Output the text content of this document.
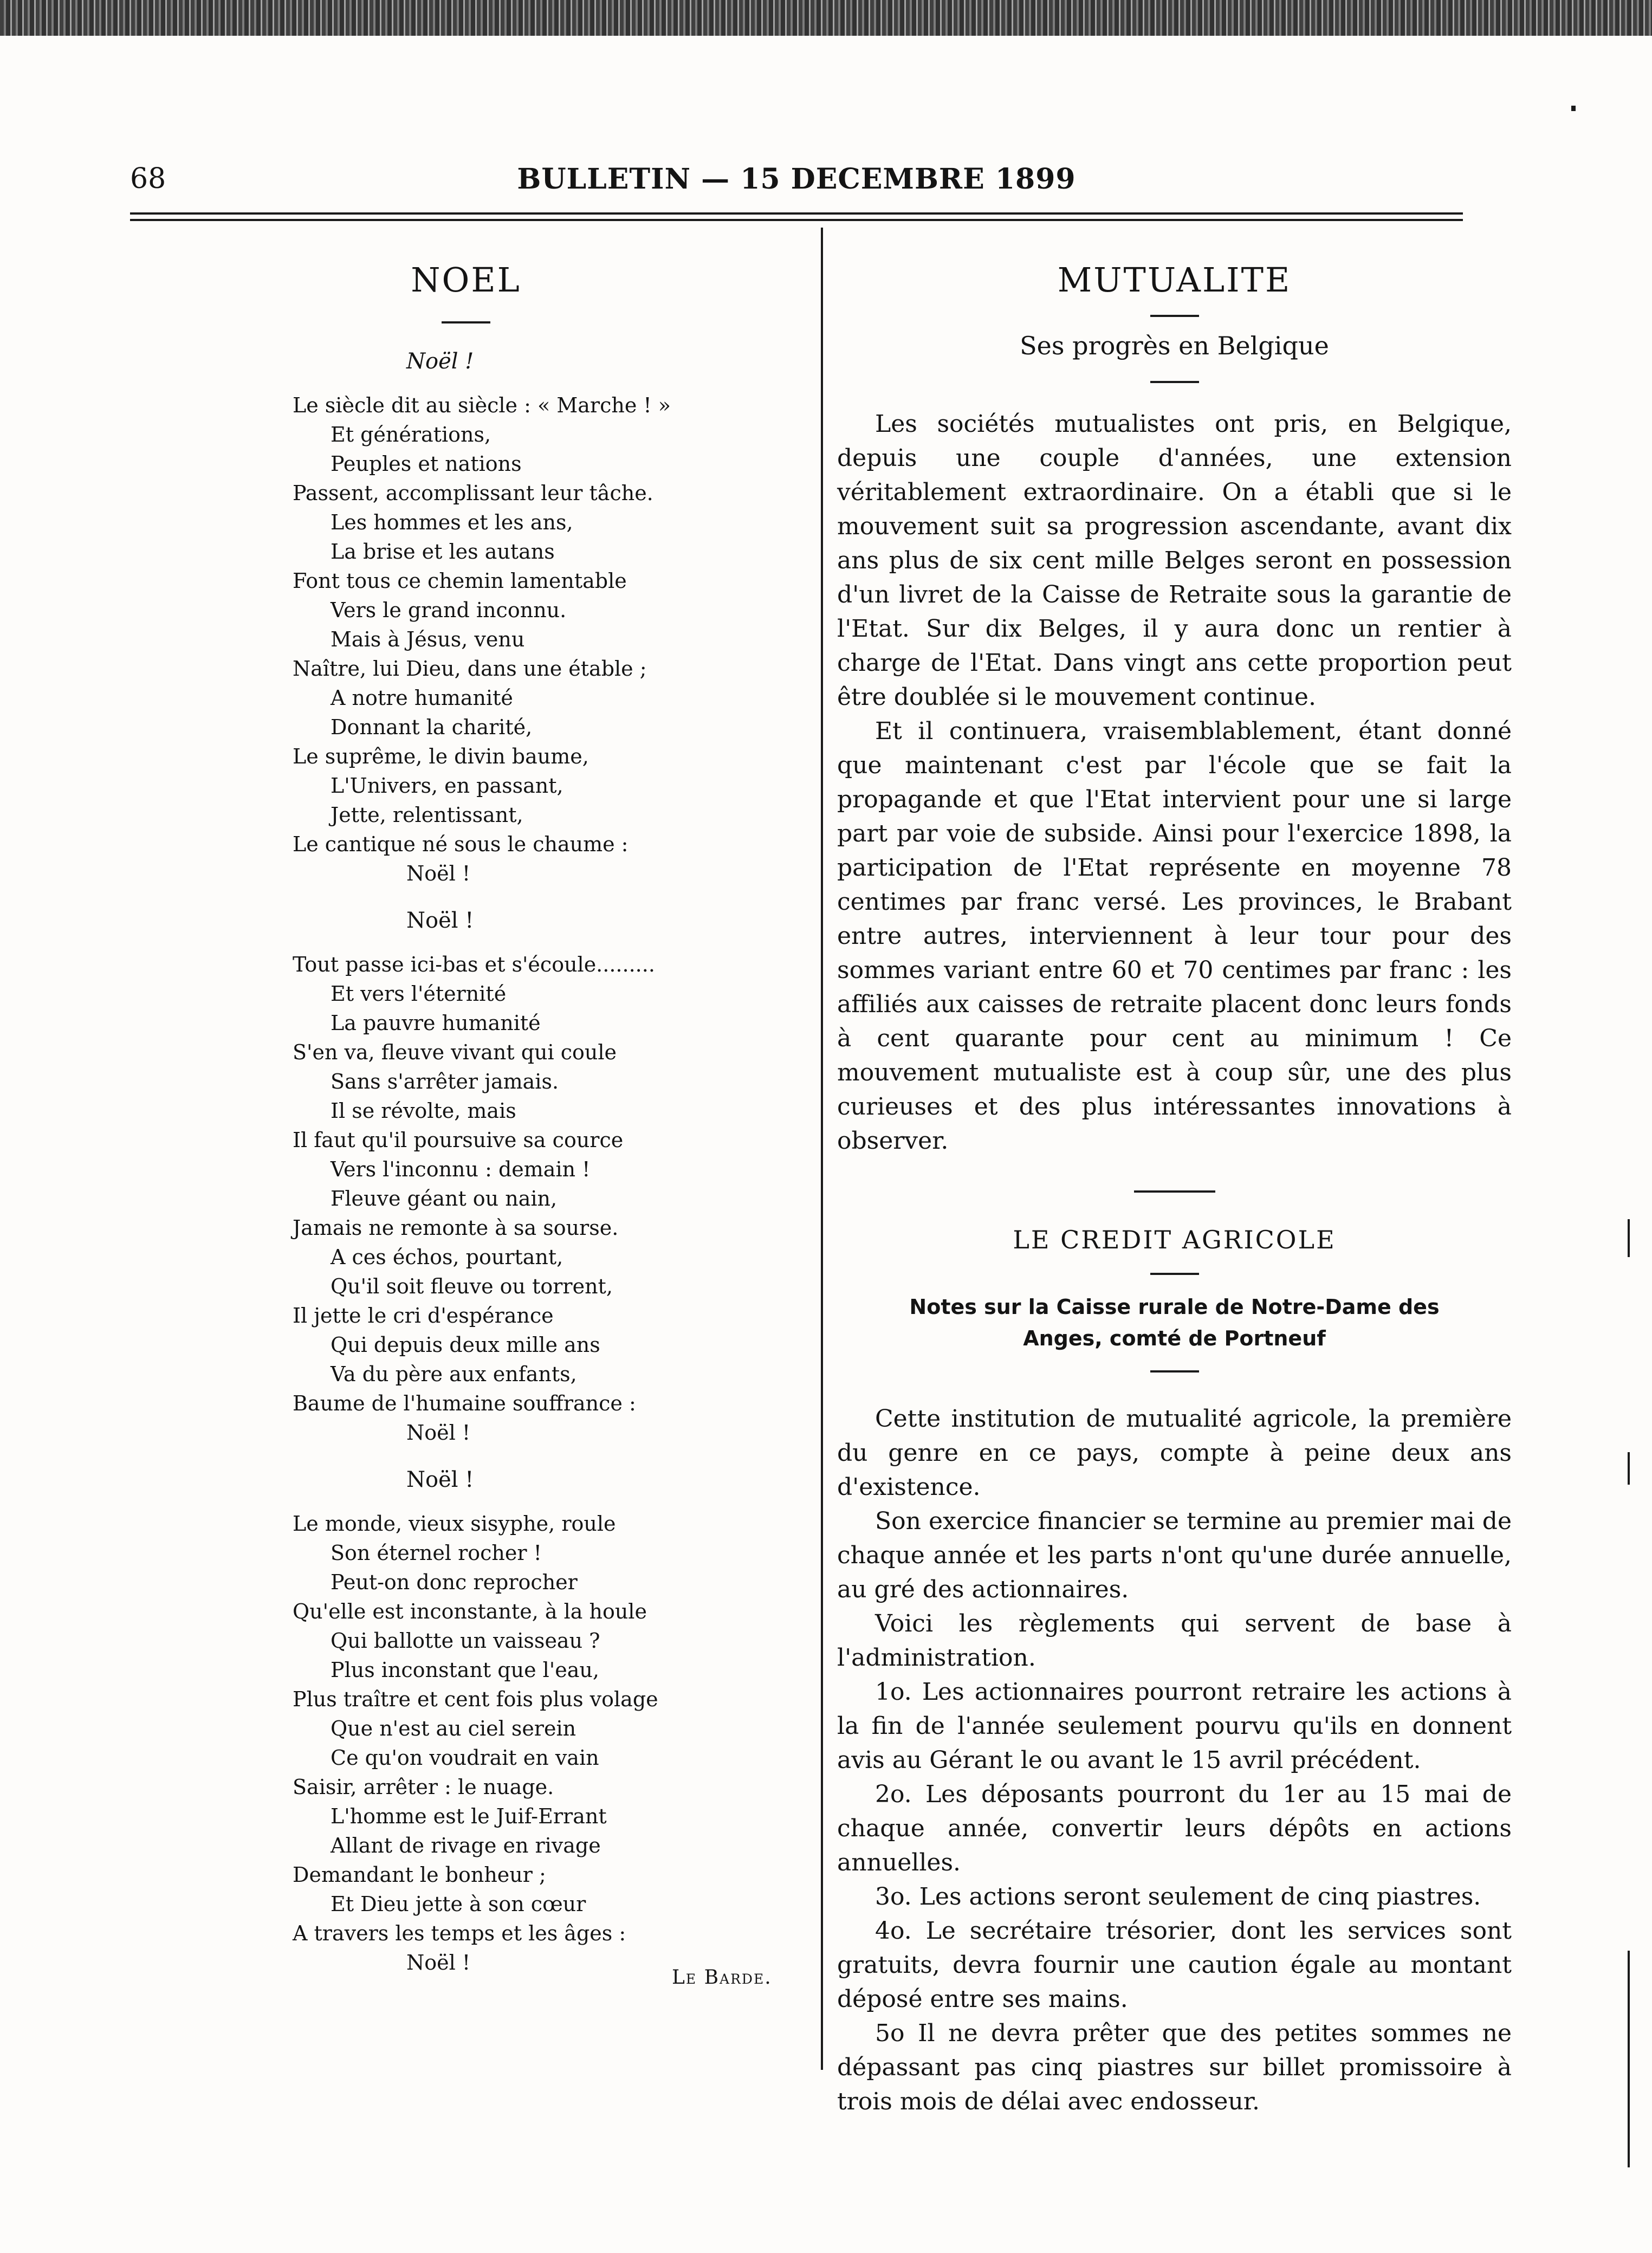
68	BULLETIN — 15 DECEMBRE 1899
NOEL
Noël !
Le siècle dit au siècle : « Marche ! »
Et générations,
Peuples et nations
Passent, accomplissant leur tâche.
Les hommes et les ans,
La brise et les autans
Font tous ce chemin lamentable
Vers le grand inconnu.
Mais à Jésus, venu
Naître, lui Dieu, dans une étable ;
A notre humanité
Donnant la charité,
Le suprême, le divin baume,
L'Univers, en passant,
Jette, relentissant,
Le cantique né sous le chaume :
Noël !
Noël !
Tout passe ici-bas et s'écoule.........
Et vers l'éternité
La pauvre humanité
S'en va, fleuve vivant qui coule
Sans s'arrêter jamais.
Il se révolte, mais
Il faut qu'il poursuive sa cource
Vers l'inconnu : demain !
Fleuve géant ou nain,
Jamais ne remonte à sa sourse.
A ces échos, pourtant,
Qu'il soit fleuve ou torrent,
Il jette le cri d'espérance
Qui depuis deux mille ans
Va du père aux enfants,
Baume de l'humaine souffrance :
Noël !
Noël !
Le monde, vieux sisyphe, roule
Son éternel rocher !
Peut-on donc reprocher
Qu'elle est inconstante, à la houle
Qui ballotte un vaisseau ?
Plus inconstant que l'eau,
Plus traître et cent fois plus volage
Que n'est au ciel serein
Ce qu'on voudrait en vain
Saisir, arrêter : le nuage.
L'homme est le Juif-Errant
Allant de rivage en rivage
Demandant le bonheur ;
Et Dieu jette à son cœur
A travers les temps et les âges :
Noël !
Le Barde.
MUTUALITE
Ses progrès en Belgique

Les sociétés mutualistes ont pris, en Belgique, depuis une couple d'années, une extension véritablement extraordinaire. On a établi que si le mouvement suit sa progression ascendante, avant dix ans plus de six cent mille Belges seront en possession d'un livret de la Caisse de Retraite sous la garantie de l'Etat. Sur dix Belges, il y aura donc un rentier à charge de l'Etat. Dans vingt ans cette proportion peut être doublée si le mouvement continue.

Et il continuera, vraisemblablement, étant donné que maintenant c'est par l'école que se fait la propagande et que l'Etat intervient pour une si large part par voie de subside. Ainsi pour l'exercice 1898, la participation de l'Etat représente en moyenne 78 centimes par franc versé. Les provinces, le Brabant entre autres, interviennent à leur tour pour des sommes variant entre 60 et 70 centimes par franc : les affiliés aux caisses de retraite placent donc leurs fonds à cent quarante pour cent au minimum ! Ce mouvement mutualiste est à coup sûr, une des plus curieuses et des plus intéressantes innovations à observer.

LE CREDIT AGRICOLE
Notes sur la Caisse rurale de Notre-Dame des
Anges, comté de Portneuf

Cette institution de mutualité agricole, la première du genre en ce pays, compte à peine deux ans d'existence.

Son exercice financier se termine au premier mai de chaque année et les parts n'ont qu'une durée annuelle, au gré des actionnaires.

Voici les règlements qui servent de base à l'administration.

1o. Les actionnaires pourront retraire les actions à la fin de l'année seulement pourvu qu'ils en donnent avis au Gérant le ou avant le 15 avril précédent.

2o. Les déposants pourront du 1er au 15 mai de chaque année, convertir leurs dépôts en actions annuelles.

3o. Les actions seront seulement de cinq piastres.

4o. Le secrétaire trésorier, dont les services sont gratuits, devra fournir une caution égale au montant déposé entre ses mains.

5o Il ne devra prêter que des petites sommes ne dépassant pas cinq piastres sur billet promissoire à trois mois de délai avec endosseur.
